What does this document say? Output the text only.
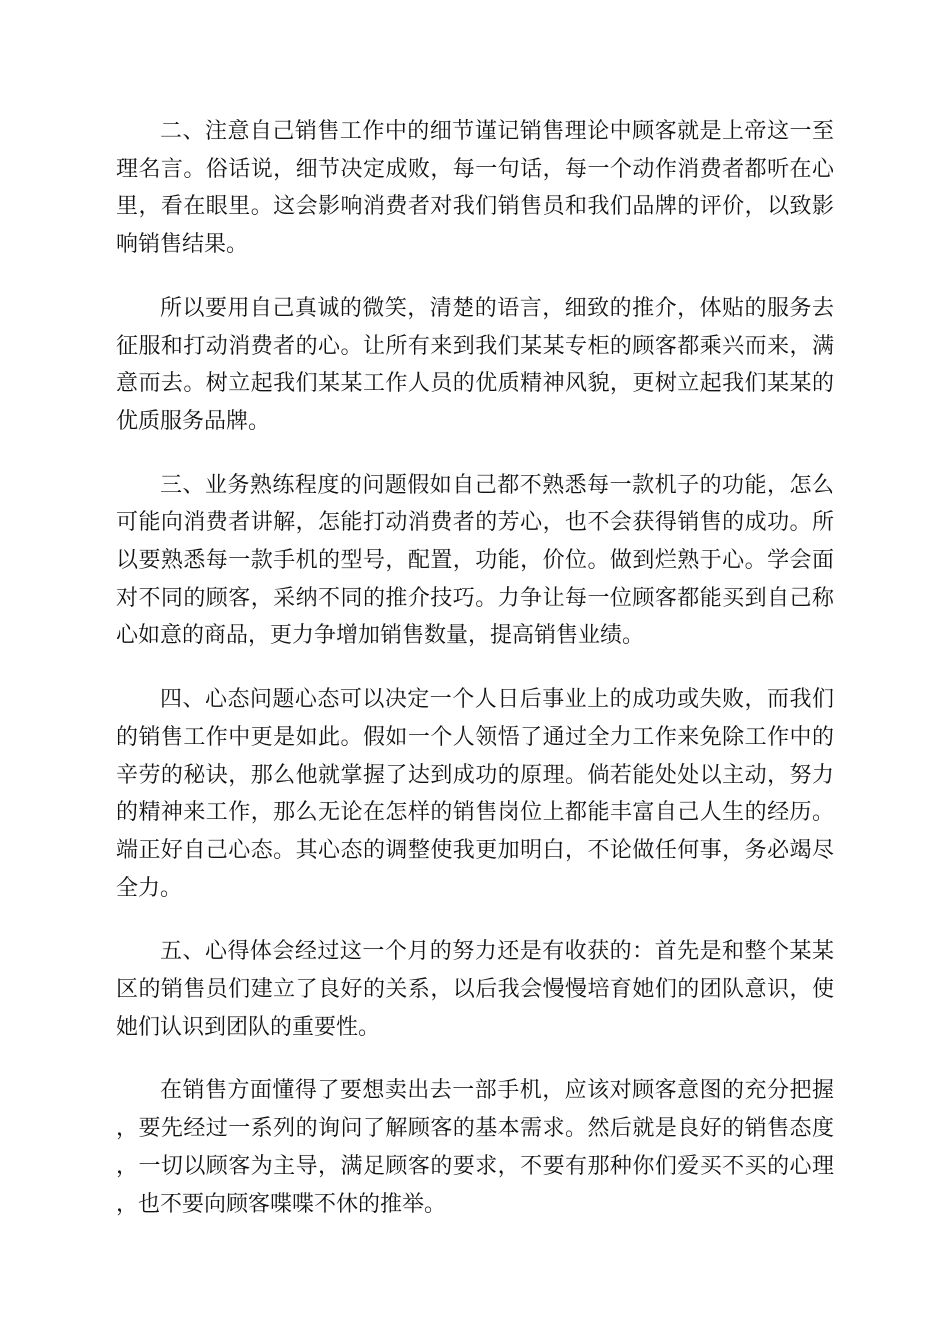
二、注意自己销售工作中的细节谨记销售理论中顾客就是上帝这一至理名言。俗话说，细节决定成败，每一句话，每一个动作消费者都听在心里，看在眼里。这会影响消费者对我们销售员和我们品牌的评价，以致影响销售结果。

所以要用自己真诚的微笑，清楚的语言，细致的推介，体贴的服务去征服和打动消费者的心。让所有来到我们某某专柜的顾客都乘兴而来，满意而去。树立起我们某某工作人员的优质精神风貌，更树立起我们某某的优质服务品牌。

三、业务熟练程度的问题假如自己都不熟悉每一款机子的功能，怎么可能向消费者讲解，怎能打动消费者的芳心，也不会获得销售的成功。所以要熟悉每一款手机的型号，配置，功能，价位。做到烂熟于心。学会面对不同的顾客，采纳不同的推介技巧。力争让每一位顾客都能买到自己称心如意的商品，更力争增加销售数量，提高销售业绩。

四、心态问题心态可以决定一个人日后事业上的成功或失败，而我们的销售工作中更是如此。假如一个人领悟了通过全力工作来免除工作中的辛劳的秘诀，那么他就掌握了达到成功的原理。倘若能处处以主动，努力的精神来工作，那么无论在怎样的销售岗位上都能丰富自己人生的经历。端正好自己心态。其心态的调整使我更加明白，不论做任何事，务必竭尽全力。

五、心得体会经过这一个月的努力还是有收获的：首先是和整个某某区的销售员们建立了良好的关系，以后我会慢慢培育她们的团队意识，使她们认识到团队的重要性。

在销售方面懂得了要想卖出去一部手机，应该对顾客意图的充分把握，要先经过一系列的询问了解顾客的基本需求。然后就是良好的销售态度，一切以顾客为主导，满足顾客的要求，不要有那种你们爱买不买的心理，也不要向顾客喋喋不休的推举。
